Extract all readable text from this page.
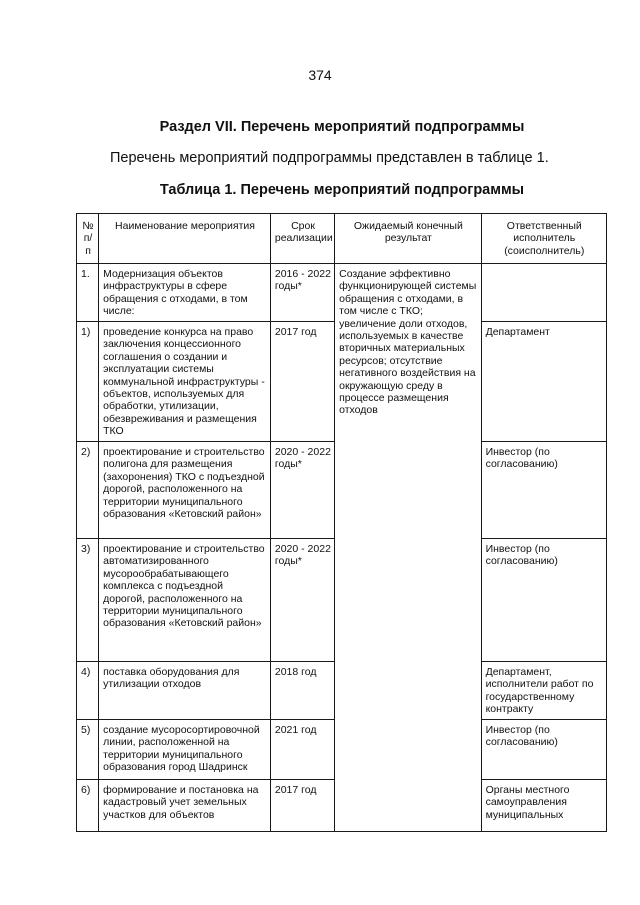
374
Раздел VII. Перечень мероприятий подпрограммы
Перечень мероприятий подпрограммы представлен в таблице 1.
Таблица 1. Перечень мероприятий подпрограммы
№ п/п	Наименование мероприятия	Срок реализации	Ожидаемый конечный результат	Ответственный исполнитель (соисполнитель)
1.	Модернизация объектов инфраструктуры в сфере обращения с отходами, в том числе:	2016 - 2022 годы*	Создание эффективно функционирующей системы обращения с отходами, в том числе с ТКО; увеличение доли отходов, используемых в качестве вторичных материальных ресурсов; отсутствие негативного воздействия на окружающую среду в процессе размещения отходов	
1)	проведение конкурса на право заключения концессионного соглашения о создании и эксплуатации системы коммунальной инфраструктуры - объектов, используемых для обработки, утилизации, обезвреживания и размещения ТКО	2017 год		Департамент
2)	проектирование и строительство полигона для размещения (захоронения) ТКО с подъездной дорогой, расположенного на территории муниципального образования «Кетовский район»	2020 - 2022 годы*		Инвестор (по согласованию)
3)	проектирование и строительство автоматизированного мусорообрабатывающего комплекса с подъездной дорогой, расположенного на территории муниципального образования «Кетовский район»	2020 - 2022 годы*		Инвестор (по согласованию)
4)	поставка оборудования для утилизации отходов	2018 год		Департамент, исполнители работ по государственному контракту
5)	создание мусоросортировочной линии, расположенной на территории муниципального образования город Шадринск	2021 год		Инвестор (по согласованию)
6)	формирование и постановка на кадастровый учет земельных участков для объектов	2017 год		Органы местного самоуправления муниципальных
